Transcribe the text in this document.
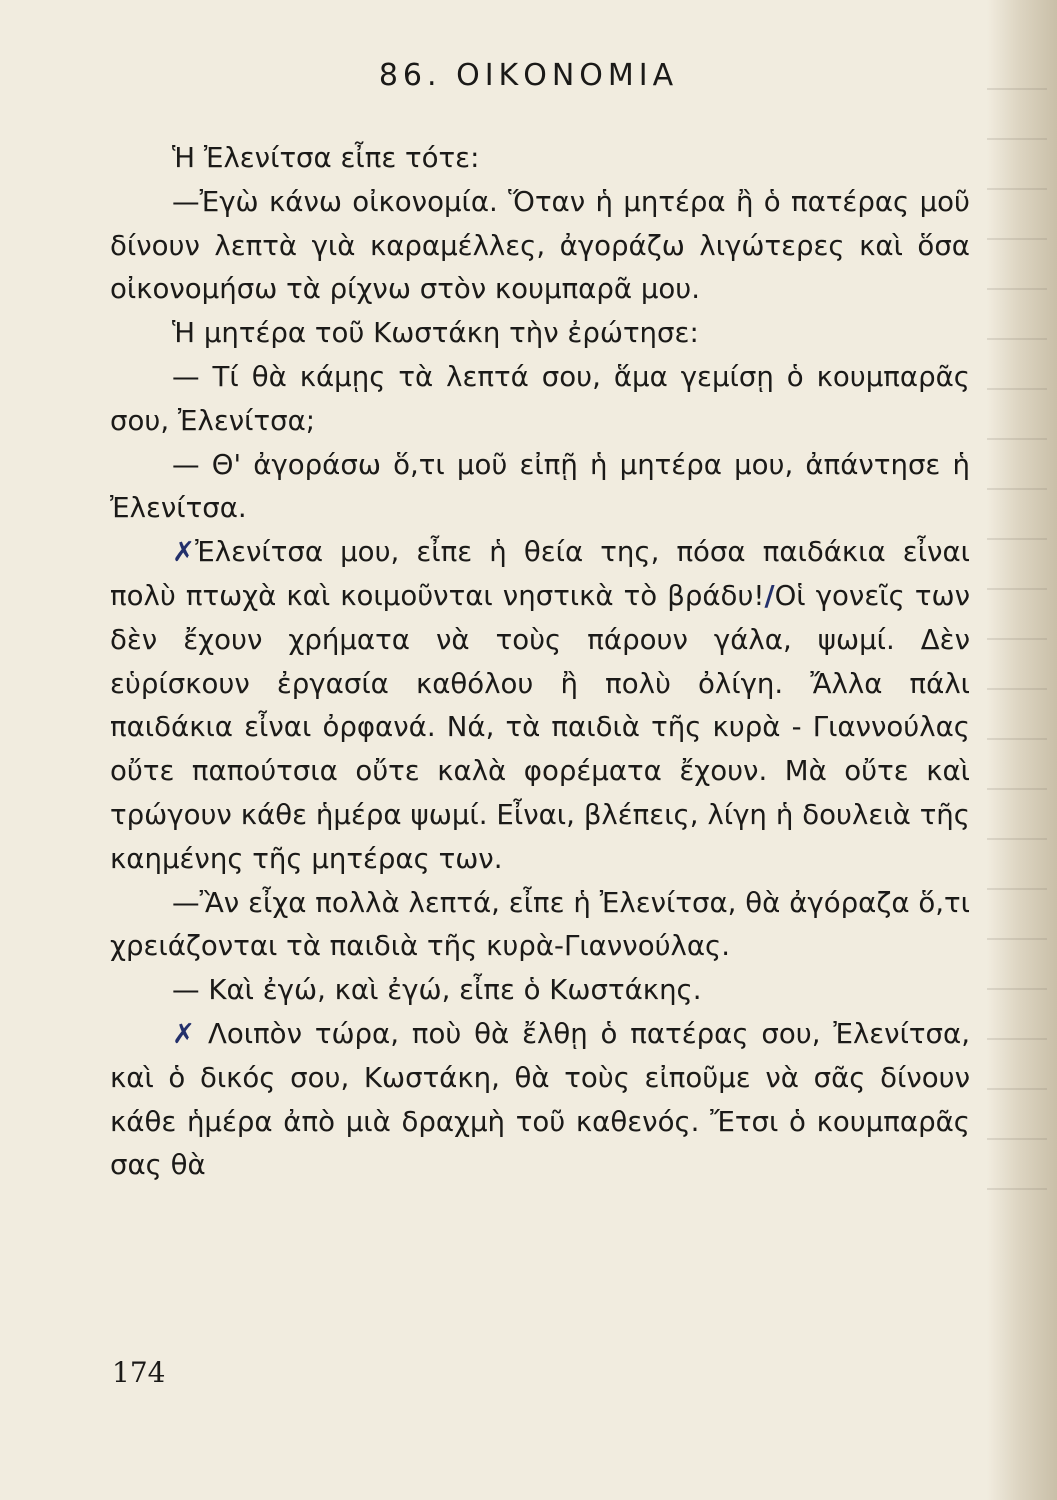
86. ΟΙΚΟΝΟΜΙΑ

Ἡ Ἐλενίτσα εἶπε τότε:

—Ἐγὼ κάνω οἰκονομία. Ὅταν ἡ μητέρα ἢ ὁ πατέρας μοῦ δίνουν λεπτὰ γιὰ καραμέλλες, ἀγοράζω λιγώτερες καὶ ὅσα οἰκονομήσω τὰ ρίχνω στὸν κουμπαρᾶ μου.

Ἡ μητέρα τοῦ Κωστάκη τὴν ἐρώτησε:

— Τί θὰ κάμῃς τὰ λεπτά σου, ἅμα γεμίσῃ ὁ κουμπαρᾶς σου, Ἐλενίτσα;

— Θ' ἀγοράσω ὅ,τι μοῦ εἰπῇ ἡ μητέρα μου, ἀπάντησε ἡ Ἐλενίτσα.

✗Ἐλενίτσα μου, εἶπε ἡ θεία της, πόσα παιδάκια εἶναι πολὺ πτωχὰ καὶ κοιμοῦνται νηστικὰ τὸ βράδυ!/Οἱ γονεῖς των δὲν ἔχουν χρήματα νὰ τοὺς πάρουν γάλα, ψωμί. Δὲν εὑρίσκουν ἐργασία καθόλου ἢ πολὺ ὀλίγη. Ἄλλα πάλι παιδάκια εἶναι ὀρφανά. Νά, τὰ παιδιὰ τῆς κυρὰ - Γιαννούλας οὔτε παπούτσια οὔτε καλὰ φορέματα ἔχουν. Μὰ οὔτε καὶ τρώγουν κάθε ἡμέρα ψωμί. Εἶναι, βλέπεις, λίγη ἡ δουλειὰ τῆς καημένης τῆς μητέρας των.

—Ἂν εἶχα πολλὰ λεπτά, εἶπε ἡ Ἐλενίτσα, θὰ ἀγόραζα ὅ,τι χρειάζονται τὰ παιδιὰ τῆς κυρὰ-Γιαννούλας.

— Καὶ ἐγώ, καὶ ἐγώ, εἶπε ὁ Κωστάκης.

✗ Λοιπὸν τώρα, ποὺ θὰ ἔλθῃ ὁ πατέρας σου, Ἐλενίτσα, καὶ ὁ δικός σου, Κωστάκη, θὰ τοὺς εἰποῦμε νὰ σᾶς δίνουν κάθε ἡμέρα ἀπὸ μιὰ δραχμὴ τοῦ καθενός. Ἔτσι ὁ κουμπαρᾶς σας θὰ

174
